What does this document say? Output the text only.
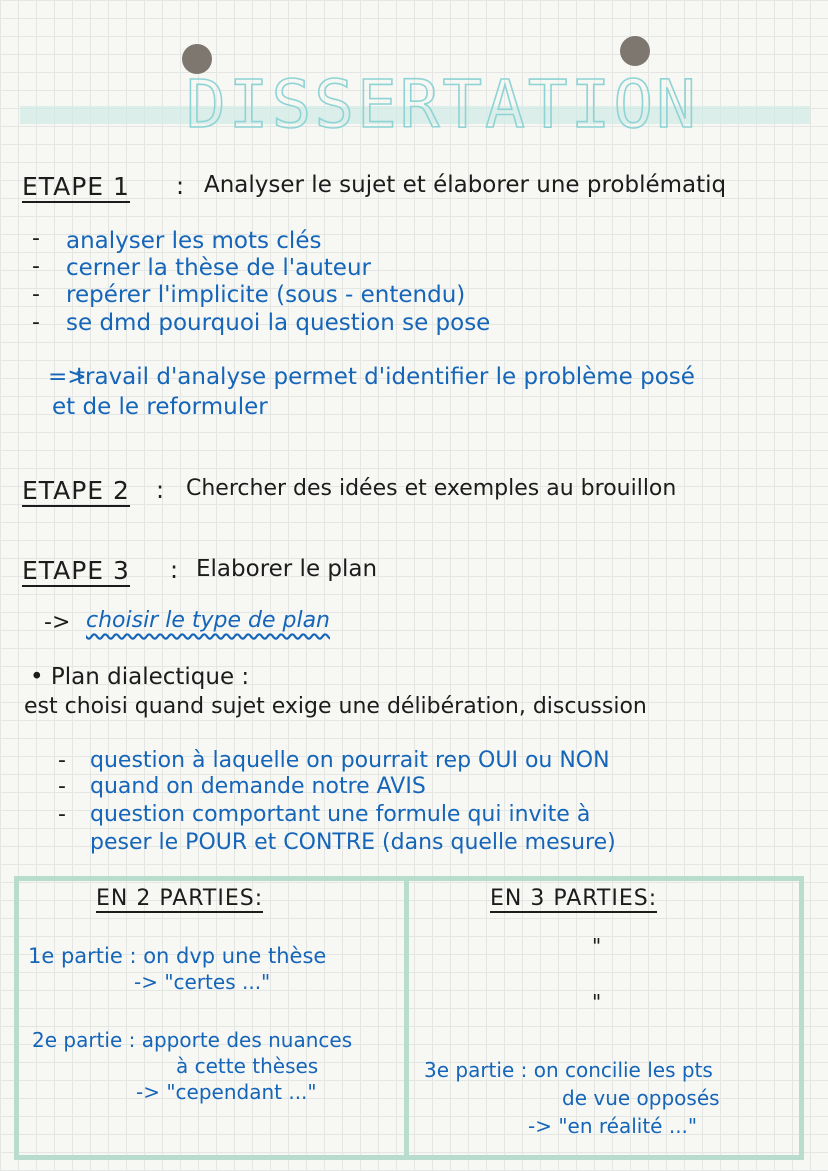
DISSERTATION
ETAPE 1 : Analyser le sujet et élaborer une problématiq
-
-
-
-
analyser les mots clés
cerner la thèse de l'auteur
repérer l'implicite (sous - entendu)
se dmd pourquoi la question se pose
=>
travail d'analyse permet d'identifier le problème posé
et de le reformuler
ETAPE 2 : Chercher des idées et exemples au brouillon
ETAPE 3 : Elaborer le plan
-> choisir le type de plan
• Plan dialectique :
est choisi quand sujet exige une délibération, discussion
-
-
-
question à laquelle on pourrait rep OUI ou NON
quand on demande notre AVIS
question comportant une formule qui invite à
peser le POUR et CONTRE (dans quelle mesure)
EN 2 PARTIES:
1e partie : on dvp une thèse
-> "certes ..."
2e partie : apporte des nuances
à cette thèses
-> "cependant ..."
EN 3 PARTIES:
"
"
3e partie : on concilie les pts
de vue opposés
-> "en réalité ..."
